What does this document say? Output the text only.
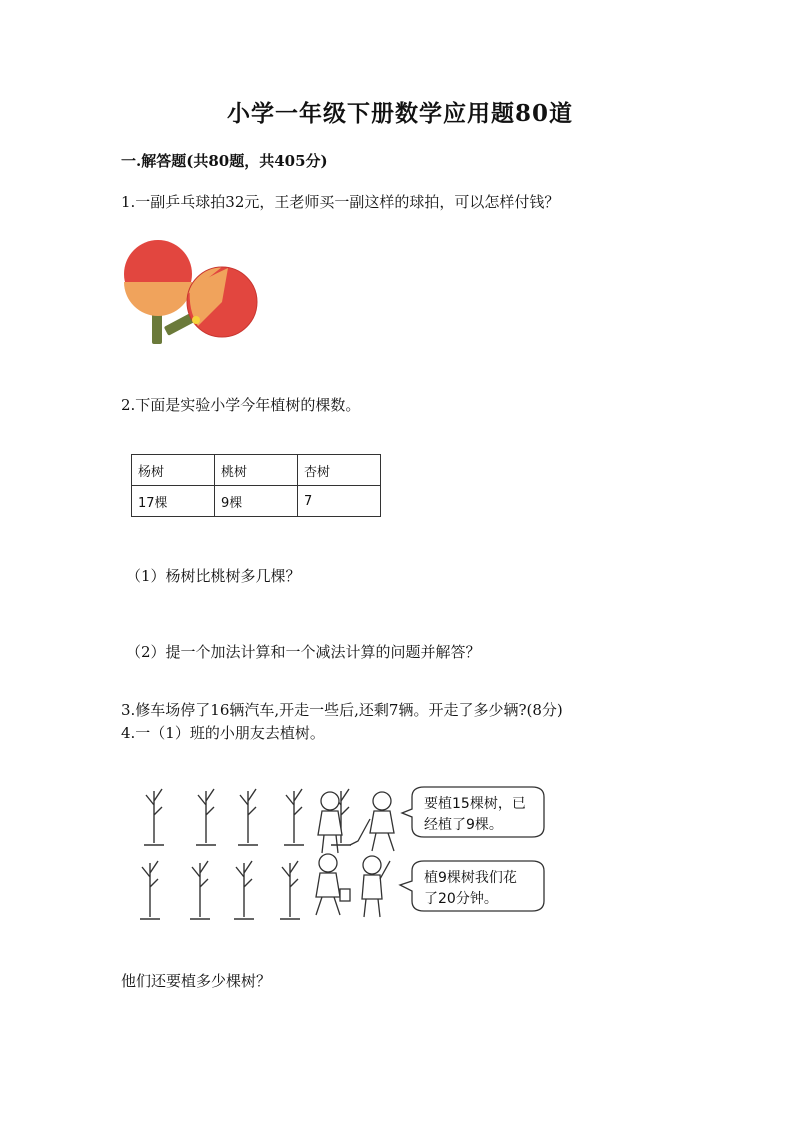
小学一年级下册数学应用题80道
一.解答题(共80题，共405分)
1.一副乒乓球拍32元，王老师买一副这样的球拍，可以怎样付钱？
2.下面是实验小学今年植树的棵数。
杨树	桃树	杏树
17棵	9棵	7
（1）杨树比桃树多几棵？
（2）提一个加法计算和一个减法计算的问题并解答？
3.修车场停了16辆汽车,开走一些后,还剩7辆。开走了多少辆?(8分)
4.一（1）班的小朋友去植树。
要植15棵树，已
经植了9棵。
植9棵树我们花
了20分钟。
他们还要植多少棵树？
